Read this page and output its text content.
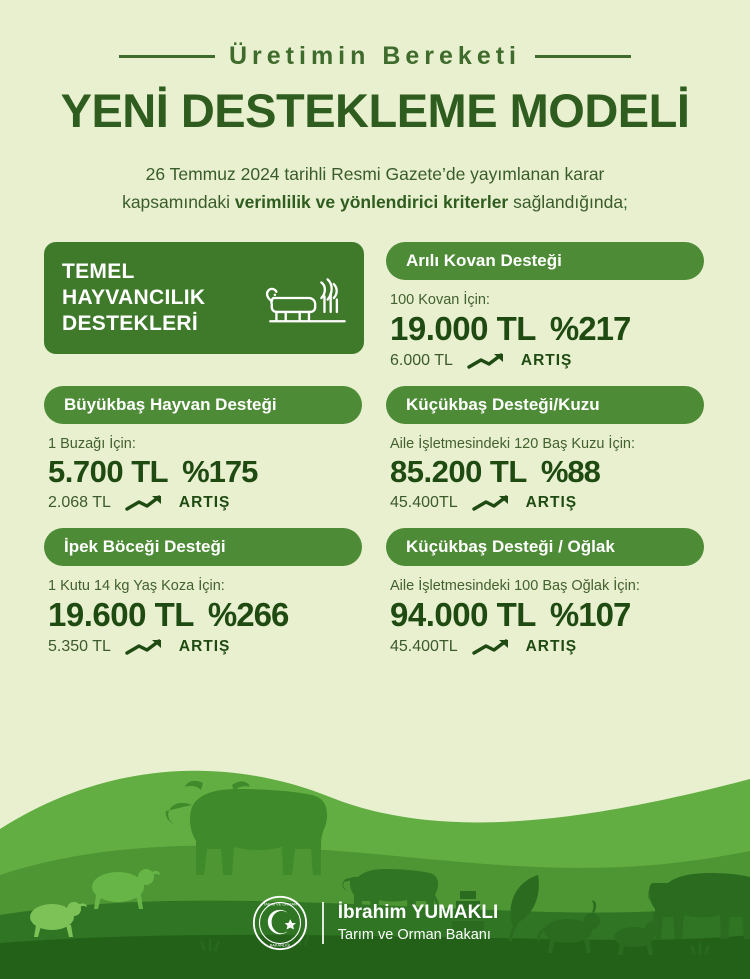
Üretimin Bereketi
YENİ DESTEKLEME MODELİ
26 Temmuz 2024 tarihli Resmi Gazete’de yayımlanan karar
kapsamındaki verimlilik ve yönlendirici kriterler sağlandığında;
TEMEL
HAYVANCILIK
DESTEKLERİ
Arılı Kovan Desteği
100 Kovan İçin:
19.000 TL %217
6.000 TL	ARTIŞ
Büyükbaş Hayvan Desteği
1 Buzağı İçin:
5.700 TL %175
2.068 TL	ARTIŞ
Küçükbaş Desteği/Kuzu
Aile İşletmesindeki 120 Baş Kuzu İçin:
85.200 TL %88
45.400TL	ARTIŞ
İpek Böceği Desteği
1 Kutu 14 kg Yaş Koza İçin:
19.600 TL %266
5.350 TL	ARTIŞ
Küçükbaş Desteği / Oğlak
Aile İşletmesindeki 100 Baş Oğlak İçin:
94.000 TL %107
45.400TL	ARTIŞ
TARIM VE ORMAN
BAKANLIĞI
İbrahim YUMAKLI
Tarım ve Orman Bakanı
